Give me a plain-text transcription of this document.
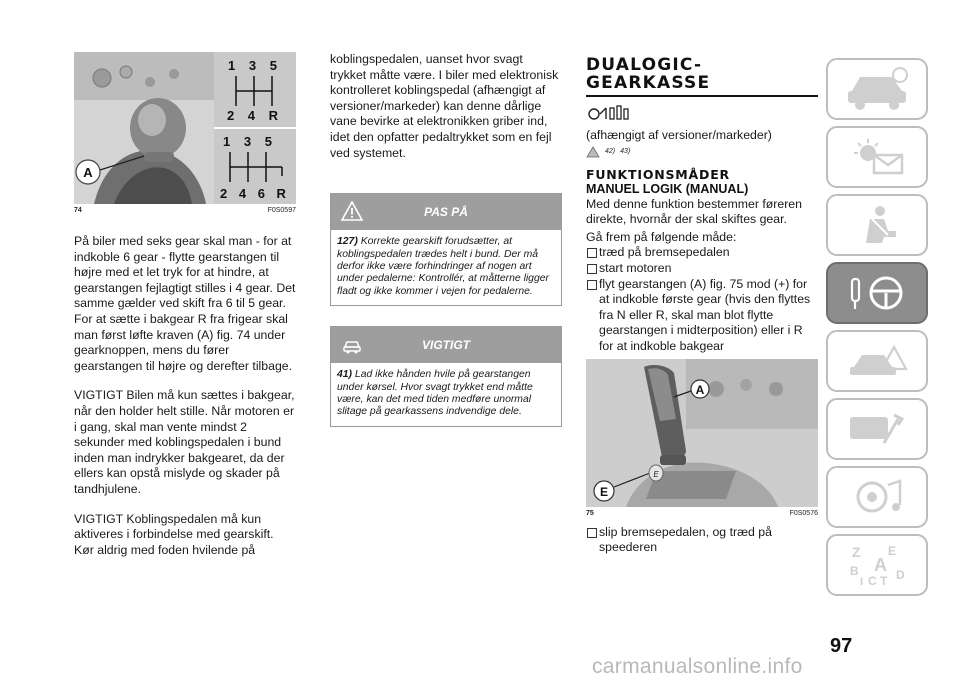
A
1 3 5
2 4 R
1 3 5
2 4 6 R
74	F0S0597

På biler med seks gear skal man - for at indkoble 6 gear - flytte gearstangen til højre med et let tryk for at hindre, at gearstangen fejlagtigt stilles i 4 gear. Det samme gælder ved skift fra 6 til 5 gear.

For at sætte i bakgear R fra frigear skal man først løfte kraven (A) fig. 74 under gearknoppen, mens du fører gearstangen til højre og derefter tilbage.

VIGTIGT Bilen må kun sættes i bakgear, når den holder helt stille. Når motoren er i gang, skal man vente mindst 2 sekunder med koblingspedalen i bund inden man indrykker bakgearet, da der ellers kan opstå mislyde og skader på tandhjulene.

VIGTIGT Koblingspedalen må kun aktiveres i forbindelse med gearskift. Kør aldrig med foden hvilende på

koblingspedalen, uanset hvor svagt trykket måtte være. I biler med elektronisk kontrolleret koblingspedal (afhængigt af versioner/markeder) kan denne dårlige vane bevirke at elektronikken griber ind, idet den opfatter pedaltrykket som en fejl ved systemet.

PAS PÅ
127) Korrekte gearskift forudsætter, at koblingspedalen trædes helt i bund. Der må derfor ikke være forhindringer af nogen art under pedalerne: Kontrollér, at måtterne ligger fladt og ikke kommer i vejen for pedalerne.
VIGTIGT
41) Lad ikke hånden hvile på gearstangen under kørsel. Hvor svagt trykket end måtte være, kan det med tiden medføre unormal slitage på gearkassens indvendige dele.
DUALOGIC-
GEARKASSE

(afhængigt af versioner/markeder)

42) 43)
FUNKTIONSMÅDER
MANUEL LOGIK (MANUAL)

Med denne funktion bestemmer føreren direkte, hvornår der skal skiftes gear.

Gå frem på følgende måde:

træd på bremsepedalen

start motoren

flyt gearstangen (A) fig. 75 mod (+) for at indkoble første gear (hvis den flyttes fra N eller R, skal man blot flytte gearstangen i midterposition) eller i R for at indkoble bakgear

A
E
E
75	F0S0576

slip bremsepedalen, og træd på speederen	Z E
B A
I C T D
97
carmanualsonline.info
